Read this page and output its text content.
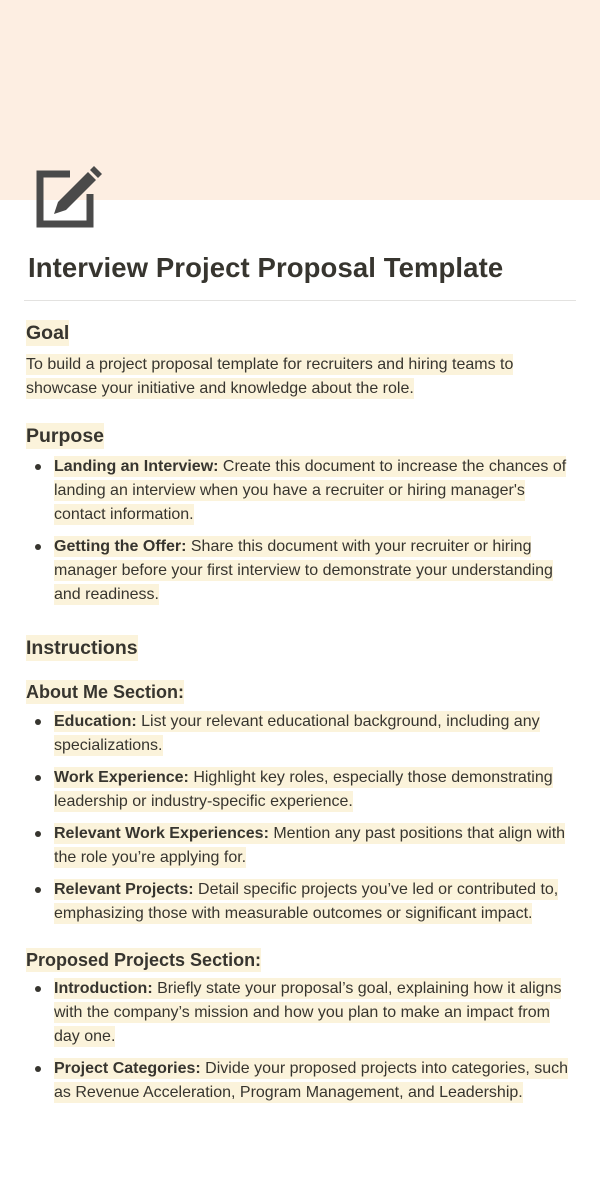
Interview Project Proposal Template
Goal

To build a project proposal template for recruiters and hiring teams to showcase your initiative and knowledge about the role.

Purpose
Landing an Interview: Create this document to increase the chances of landing an interview when you have a recruiter or hiring manager's contact information.
Getting the Offer: Share this document with your recruiter or hiring manager before your first interview to demonstrate your understanding and readiness.
Instructions
About Me Section:
Education: List your relevant educational background, including any specializations.
Work Experience: Highlight key roles, especially those demonstrating leadership or industry-specific experience.
Relevant Work Experiences: Mention any past positions that align with the role you’re applying for.
Relevant Projects: Detail specific projects you’ve led or contributed to, emphasizing those with measurable outcomes or significant impact.
Proposed Projects Section:
Introduction: Briefly state your proposal’s goal, explaining how it aligns with the company’s mission and how you plan to make an impact from day one.
Project Categories: Divide your proposed projects into categories, such as Revenue Acceleration, Program Management, and Leadership.
